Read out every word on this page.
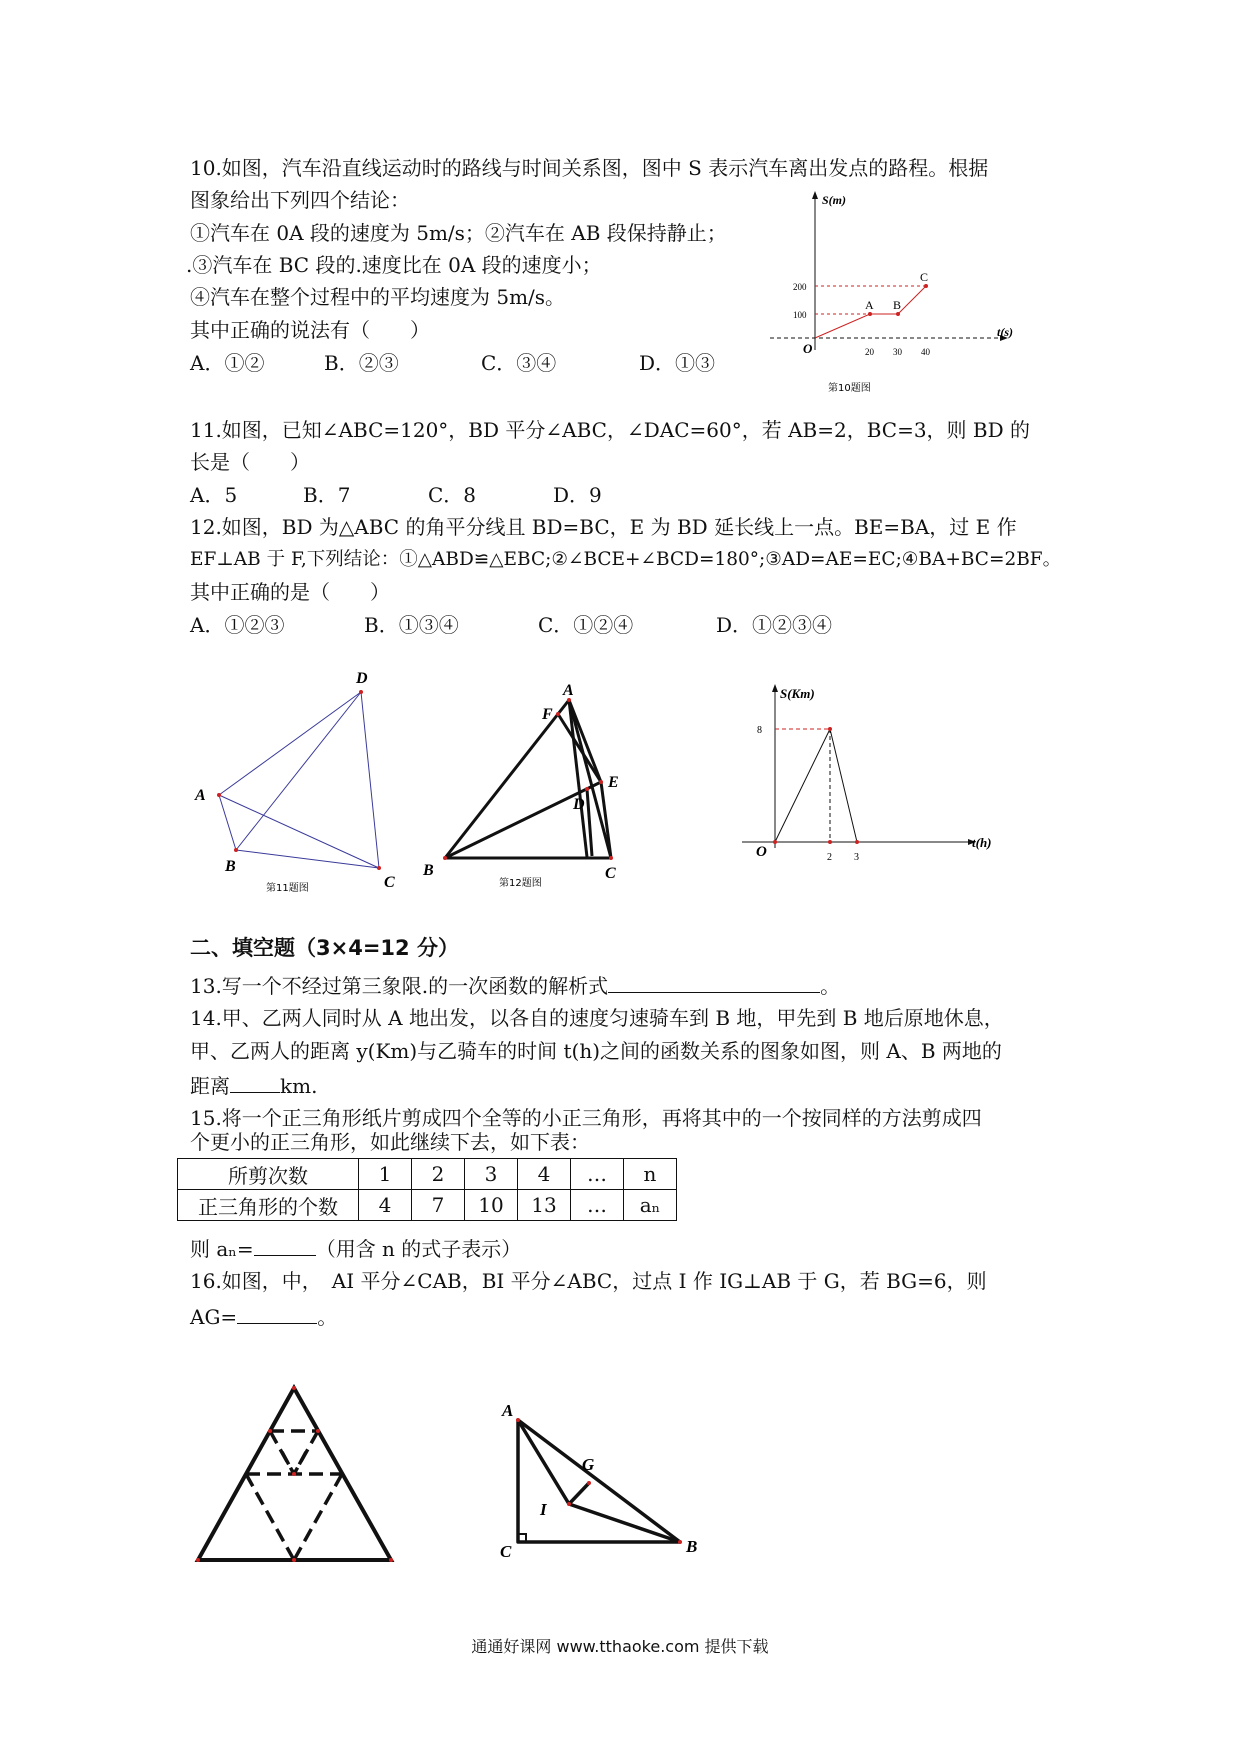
10.如图，汽车沿直线运动时的路线与时间关系图，图中 S 表示汽车离出发点的路程。根据
图象给出下列四个结论：
①汽车在 0A 段的速度为 5m/s；②汽车在 AB 段保持静止；
.③汽车在 BC 段的.速度比在 0A 段的速度小；
④汽车在整个过程中的平均速度为 5m/s。
其中正确的说法有（　　）
A．①②	B．②③	C．③④	D．①③
S(m)
t(s)
O
100
200
20 30 40
A B
C
第10题图
11.如图，已知∠ABC=120°，BD 平分∠ABC，∠DAC=60°，若 AB=2，BC=3，则 BD 的
长是（　　）
A．5	B．7	C．8	D．9
12.如图，BD 为△ABC 的角平分线且 BD=BC，E 为 BD 延长线上一点。BE=BA，过 E 作
EF⊥AB 于 F,下列结论：①△ABD≌△EBC;②∠BCE+∠BCD=180°;③AD=AE=EC;④BA+BC=2BF。
其中正确的是（　　）
A．①②③	B．①③④	C．①②④	D．①②③④
D
A
B
C
第11题图
A
F
E
D
B	C
第12题图
S(Km)
t(h)
O
8
2 3
二、填空题（3×4=12 分）
13.写一个不经过第三象限.的一次函数的解析式	。
14.甲、乙两人同时从 A 地出发，以各自的速度匀速骑车到 B 地，甲先到 B 地后原地休息，
甲、乙两人的距离 y(Km)与乙骑车的时间 t(h)之间的函数关系的图象如图，则 A、B 两地的
距离	km.
15.将一个正三角形纸片剪成四个全等的小正三角形，再将其中的一个按同样的方法剪成四
个更小的正三角形，如此继续下去，如下表：
所剪次数	1	2	3	4	…	n
正三角形的个数	4	7	10	13	…	aₙ
则 aₙ=	（用含 n 的式子表示）
16.如图，中，　AI 平分∠CAB，BI 平分∠ABC，过点 I 作 IG⊥AB 于 G，若 BG=6，则
AG=	。
A
G
I
C	B
通通好课网 www.tthaoke.com 提供下载
